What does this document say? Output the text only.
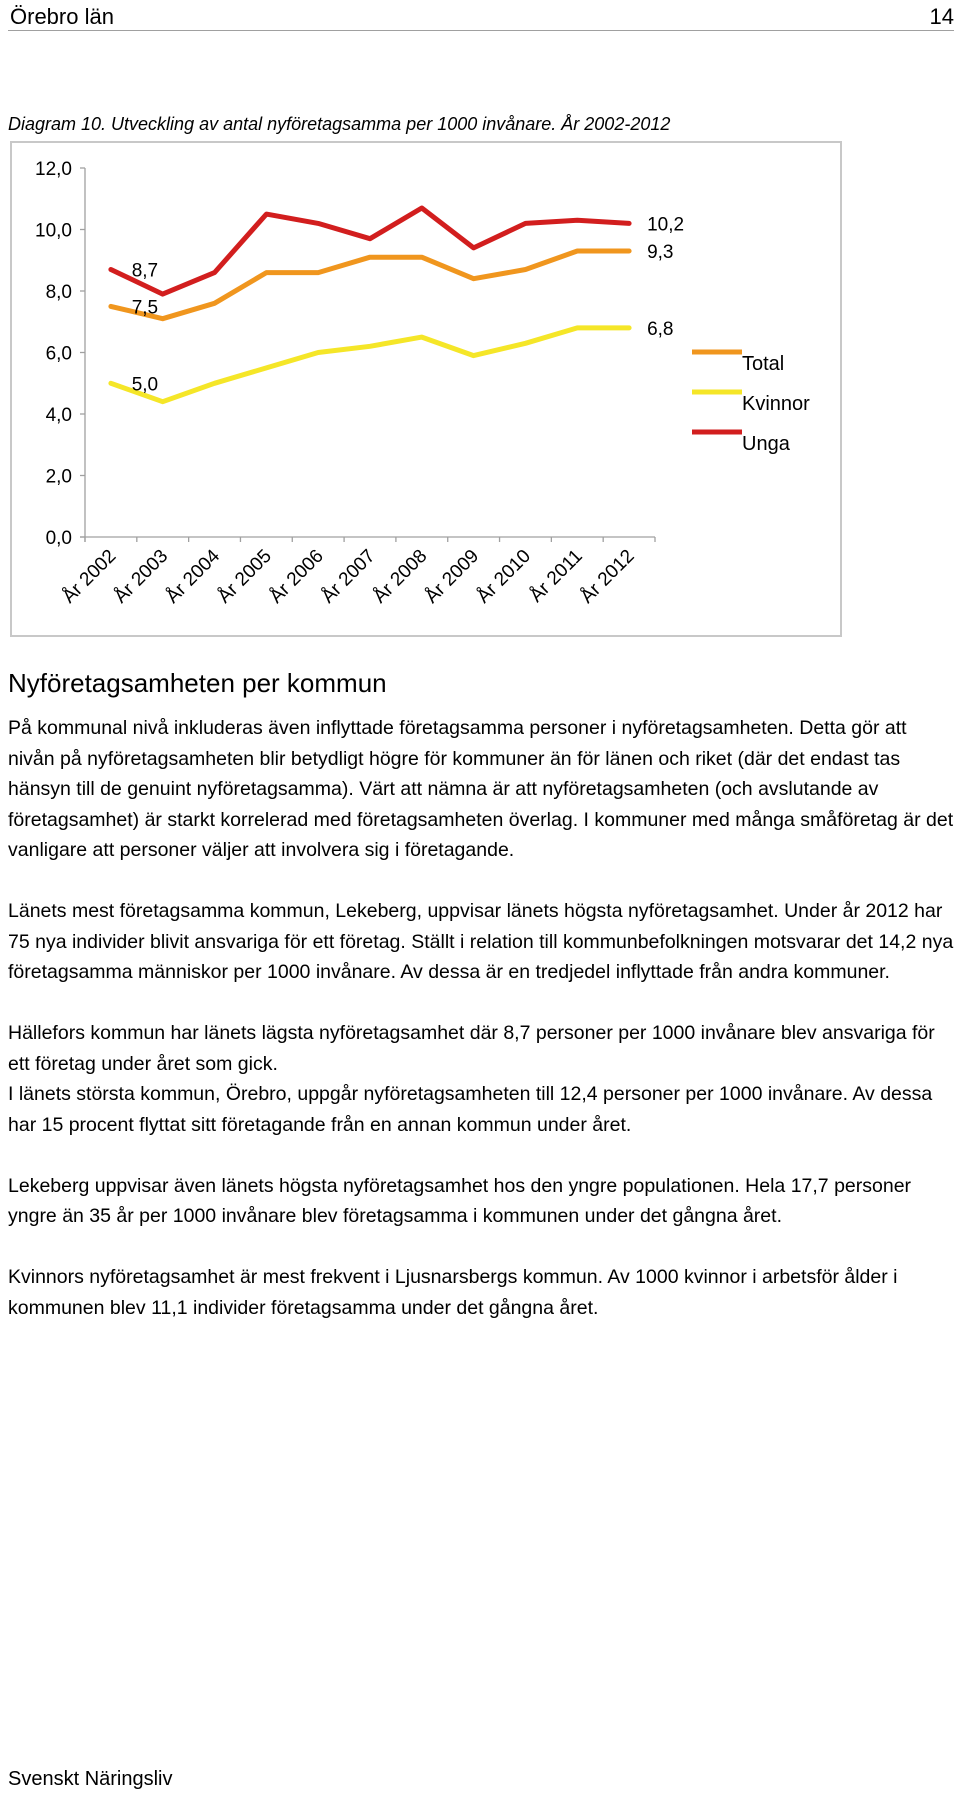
Örebro län	14
Diagram 10. Utveckling av antal nyföretagsamma per 1000 invånare. År 2002-2012
0,0
2,0
4,0
6,0
8,0
10,0
12,0
År 2002
År 2003
År 2004
År 2005
År 2006
År 2007
År 2008
År 2009
År 2010
År 2011
År 2012
8,7
7,5
5,0
10,2
9,3
6,8
Total
Kvinnor
Unga
Nyföretagsamheten per kommun

På kommunal nivå inkluderas även inflyttade företagsamma personer i nyföretagsamheten. Detta gör att nivån på nyföretagsamheten blir betydligt högre för kommuner än för länen och riket (där det endast tas hänsyn till de genuint nyföretagsamma). Värt att nämna är att nyföretagsamheten (och avslutande av företagsamhet) är starkt korrelerad med företagsamheten överlag. I kommuner med många småföretag är det vanligare att personer väljer att involvera sig i företagande.

Länets mest företagsamma kommun, Lekeberg, uppvisar länets högsta nyföretagsamhet. Under år 2012 har 75 nya individer blivit ansvariga för ett företag. Ställt i relation till kommunbefolkningen motsvarar det 14,2 nya företagsamma människor per 1000 invånare. Av dessa är en tredjedel inflyttade från andra kommuner.

Hällefors kommun har länets lägsta nyföretagsamhet där 8,7 personer per 1000 invånare blev ansvariga för ett företag under året som gick.

I länets största kommun, Örebro, uppgår nyföretagsamheten till 12,4 personer per 1000 invånare. Av dessa har 15 procent flyttat sitt företagande från en annan kommun under året.

Lekeberg uppvisar även länets högsta nyföretagsamhet hos den yngre populationen. Hela 17,7 personer yngre än 35 år per 1000 invånare blev företagsamma i kommunen under det gångna året.

Kvinnors nyföretagsamhet är mest frekvent i Ljusnarsbergs kommun. Av 1000 kvinnor i arbetsför ålder i kommunen blev 11,1 individer företagsamma under det gångna året.

Svenskt Näringsliv
